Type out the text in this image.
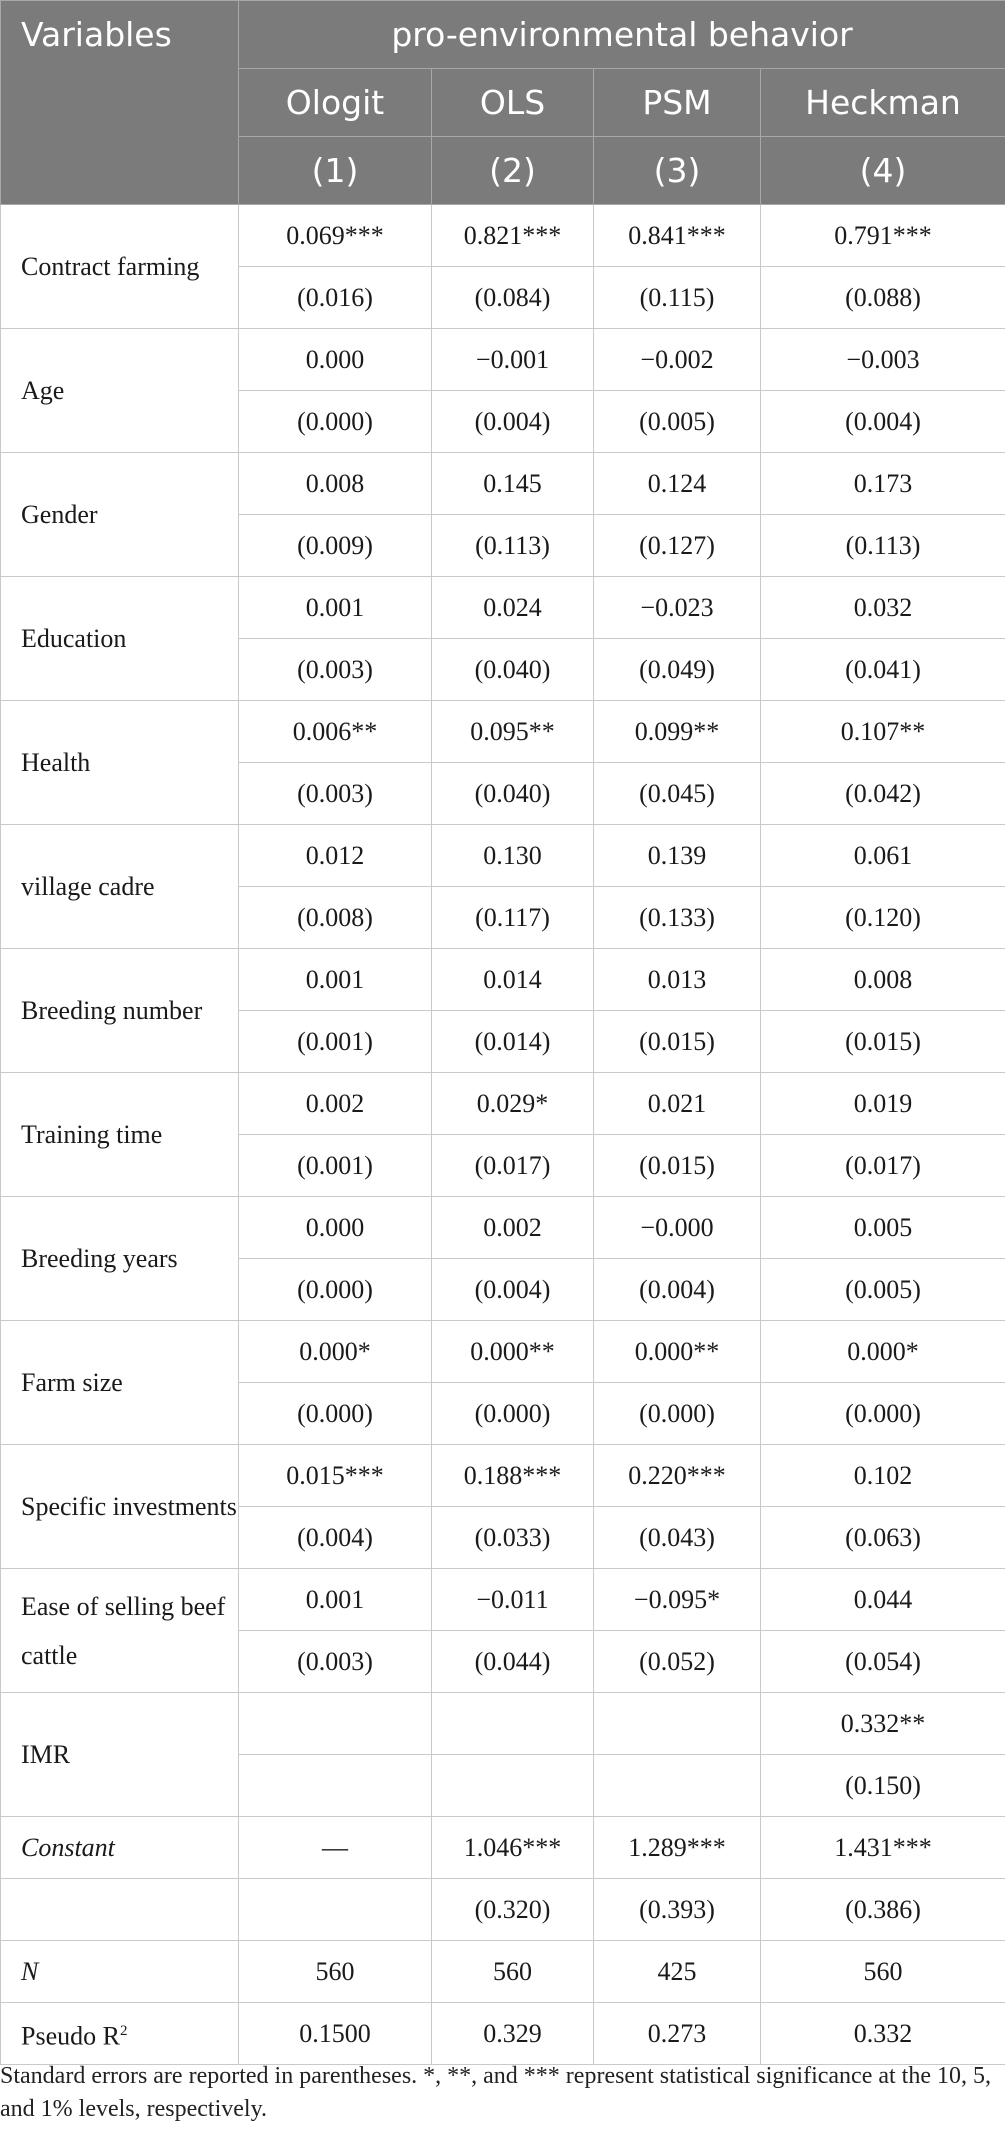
Variables	pro-environmental behavior			
	Ologit	OLS	PSM	Heckman
	(1)	(2)	(3)	(4)
Contract farming	0.069***	0.821***	0.841***	0.791***
	(0.016)	(0.084)	(0.115)	(0.088)
Age	0.000	−0.001	−0.002	−0.003
	(0.000)	(0.004)	(0.005)	(0.004)
Gender	0.008	0.145	0.124	0.173
	(0.009)	(0.113)	(0.127)	(0.113)
Education	0.001	0.024	−0.023	0.032
	(0.003)	(0.040)	(0.049)	(0.041)
Health	0.006**	0.095**	0.099**	0.107**
	(0.003)	(0.040)	(0.045)	(0.042)
village cadre	0.012	0.130	0.139	0.061
	(0.008)	(0.117)	(0.133)	(0.120)
Breeding number	0.001	0.014	0.013	0.008
	(0.001)	(0.014)	(0.015)	(0.015)
Training time	0.002	0.029*	0.021	0.019
	(0.001)	(0.017)	(0.015)	(0.017)
Breeding years	0.000	0.002	−0.000	0.005
	(0.000)	(0.004)	(0.004)	(0.005)
Farm size	0.000*	0.000**	0.000**	0.000*
	(0.000)	(0.000)	(0.000)	(0.000)
Specific investments	0.015***	0.188***	0.220***	0.102
	(0.004)	(0.033)	(0.043)	(0.063)
Ease of selling beef cattle	0.001	−0.011	−0.095*	0.044
	(0.003)	(0.044)	(0.052)	(0.054)
IMR				0.332**
				(0.150)
Constant	—	1.046***	1.289***	1.431***
		(0.320)	(0.393)	(0.386)
N	560	560	425	560
Pseudo $R^2$	0.1500	0.329	0.273	0.332
Standard errors are reported in parentheses. *, **, and *** represent statistical significance at the 10, 5, and 1% levels, respectively.
